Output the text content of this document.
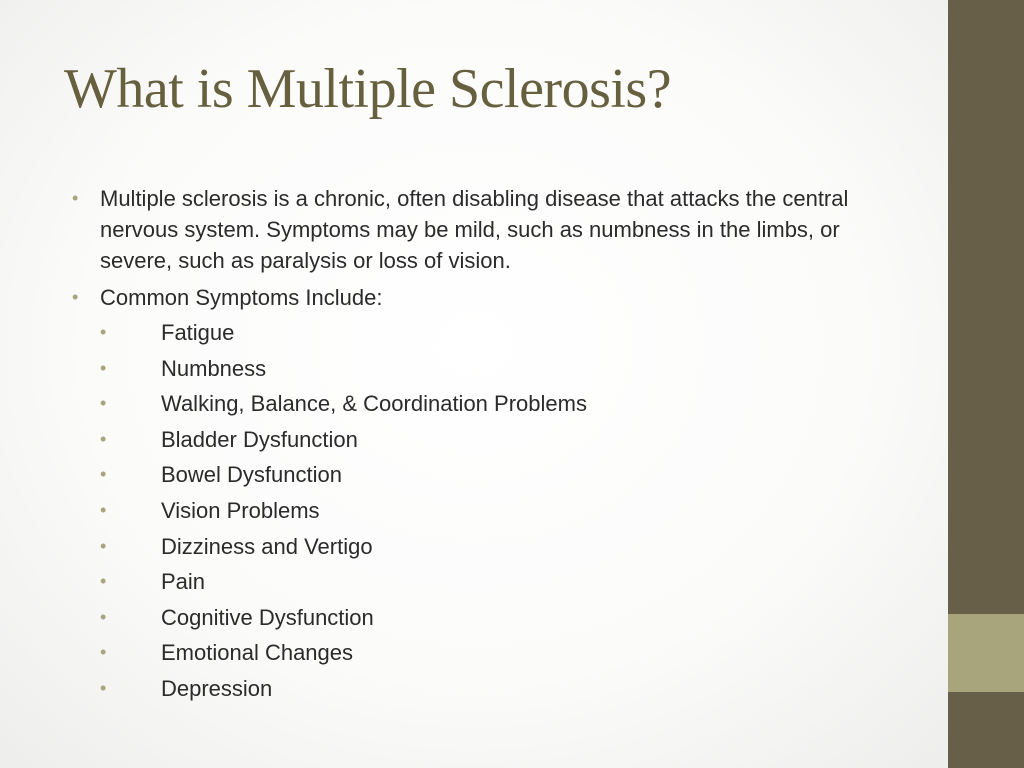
What is Multiple Sclerosis?
• Multiple sclerosis is a chronic, often disabling disease that attacks the central nervous system. Symptoms may be mild, such as numbness in the limbs, or severe, such as paralysis or loss of vision.
• Common Symptoms Include:
• Fatigue
• Numbness
• Walking, Balance, & Coordination Problems
• Bladder Dysfunction
• Bowel Dysfunction
• Vision Problems
• Dizziness and Vertigo
• Pain
• Cognitive Dysfunction
• Emotional Changes
• Depression
